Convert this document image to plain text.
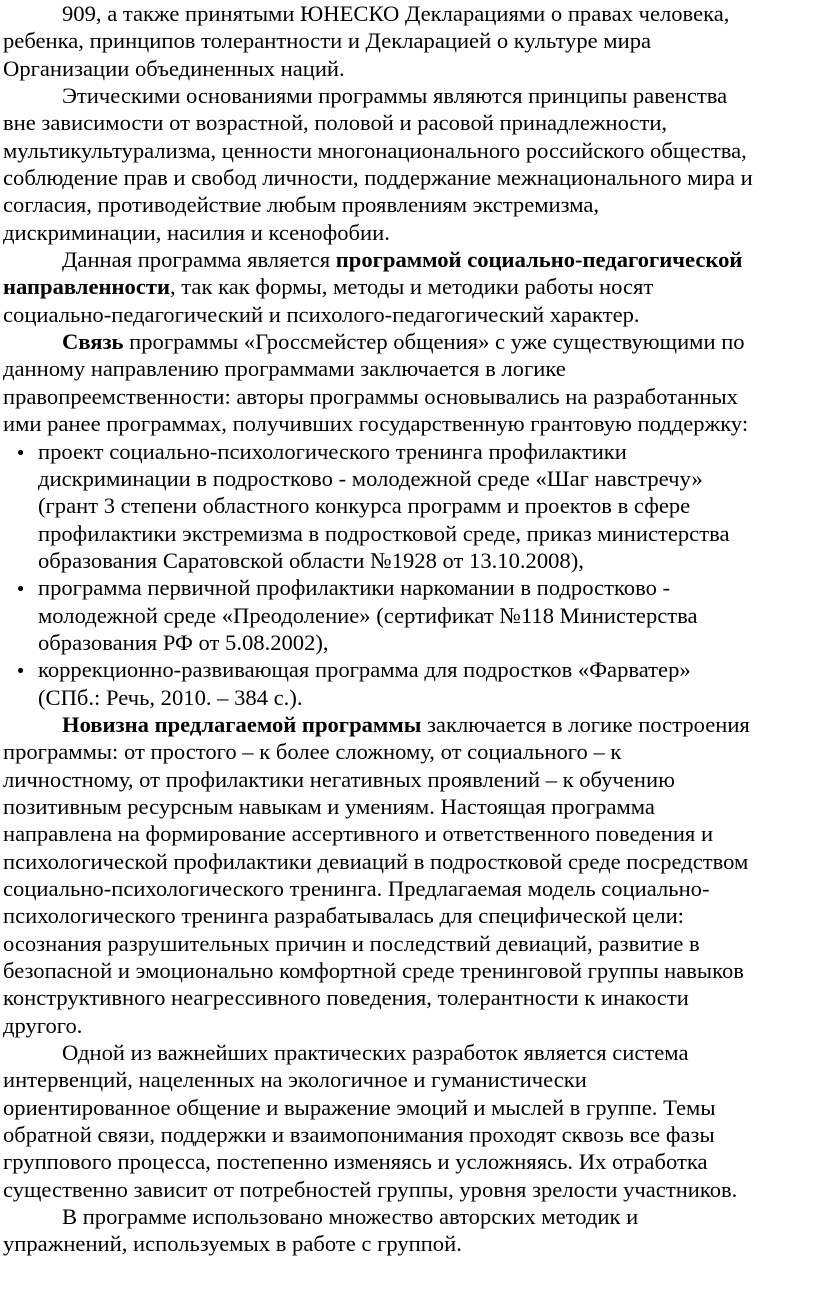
909, а также принятыми ЮНЕСКО Декларациями о правах человека,
ребенка, принципов толерантности и Декларацией о культуре мира
Организации объединенных наций.
Этическими основаниями программы являются принципы равенства
вне зависимости от возрастной, половой и расовой принадлежности,
мультикультурализма, ценности многонационального российского общества,
соблюдение прав и свобод личности, поддержание межнационального мира и
согласия, противодействие любым проявлениям экстремизма,
дискриминации, насилия и ксенофобии.
Данная программа является программой социально-педагогической
направленности, так как формы, методы и методики работы носят
социально-педагогический и психолого-педагогический характер.
Связь программы «Гроссмейстер общения» с уже существующими по
данному направлению программами заключается в логике
правопреемственности: авторы программы основывались на разработанных
ими ранее программах, получивших государственную грантовую поддержку:
•
проект социально-психологического тренинга профилактики
дискриминации в подростково - молодежной среде «Шаг навстречу»
(грант 3 степени областного конкурса программ и проектов в сфере
профилактики экстремизма в подростковой среде, приказ министерства
образования Саратовской области №1928 от 13.10.2008),
•
программа первичной профилактики наркомании в подростково -
молодежной среде «Преодоление» (сертификат №118 Министерства
образования РФ от 5.08.2002),
•
коррекционно-развивающая программа для подростков «Фарватер»
(СПб.: Речь, 2010. – 384 с.).
Новизна предлагаемой программы заключается в логике построения
программы: от простого – к более сложному, от социального – к
личностному, от профилактики негативных проявлений – к обучению
позитивным ресурсным навыкам и умениям. Настоящая программа
направлена на формирование ассертивного и ответственного поведения и
психологической профилактики девиаций в подростковой среде посредством
социально-психологического тренинга. Предлагаемая модель социально-
психологического тренинга разрабатывалась для специфической цели:
осознания разрушительных причин и последствий девиаций, развитие в
безопасной и эмоционально комфортной среде тренинговой группы навыков
конструктивного неагрессивного поведения, толерантности к инакости
другого.
Одной из важнейших практических разработок является система
интервенций, нацеленных на экологичное и гуманистически
ориентированное общение и выражение эмоций и мыслей в группе. Темы
обратной связи, поддержки и взаимопонимания проходят сквозь все фазы
группового процесса, постепенно изменяясь и усложняясь. Их отработка
существенно зависит от потребностей группы, уровня зрелости участников.
В программе использовано множество авторских методик и
упражнений, используемых в работе с группой.
